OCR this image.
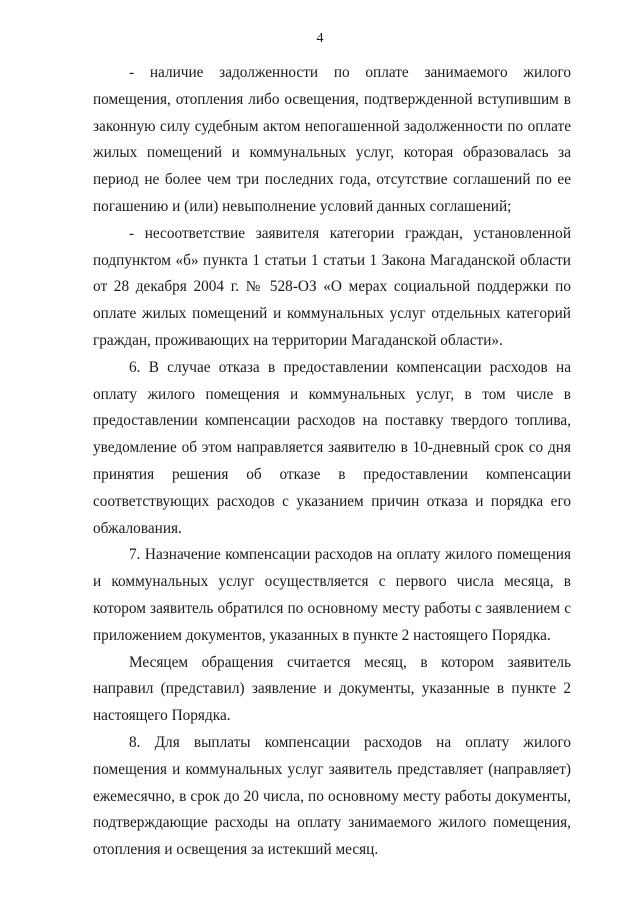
4

- наличие задолженности по оплате занимаемого жилого помещения, отопления либо освещения, подтвержденной вступившим в законную силу судебным актом непогашенной задолженности по оплате жилых помещений и коммунальных услуг, которая образовалась за период не более чем три последних года, отсутствие соглашений по ее погашению и (или) невыполнение условий данных соглашений;

- несоответствие заявителя категории граждан, установленной подпунктом «б» пункта 1 статьи 1 статьи 1 Закона Магаданской области от 28 декабря 2004 г. № 528-ОЗ «О мерах социальной поддержки по оплате жилых помещений и коммунальных услуг отдельных категорий граждан, проживающих на территории Магаданской области».

6. В случае отказа в предоставлении компенсации расходов на оплату жилого помещения и коммунальных услуг, в том числе в предоставлении компенсации расходов на поставку твердого топлива, уведомление об этом направляется заявителю в 10-дневный срок со дня принятия решения об отказе в предоставлении компенсации соответствующих расходов с указанием причин отказа и порядка его обжалования.

7. Назначение компенсации расходов на оплату жилого помещения и коммунальных услуг осуществляется с первого числа месяца, в котором заявитель обратился по основному месту работы с заявлением с приложением документов, указанных в пункте 2 настоящего Порядка.

Месяцем обращения считается месяц, в котором заявитель направил (представил) заявление и документы, указанные в пункте 2 настоящего Порядка.

8. Для выплаты компенсации расходов на оплату жилого помещения и коммунальных услуг заявитель представляет (направляет) ежемесячно, в срок до 20 числа, по основному месту работы документы, подтверждающие расходы на оплату занимаемого жилого помещения, отопления и освещения за истекший месяц.
